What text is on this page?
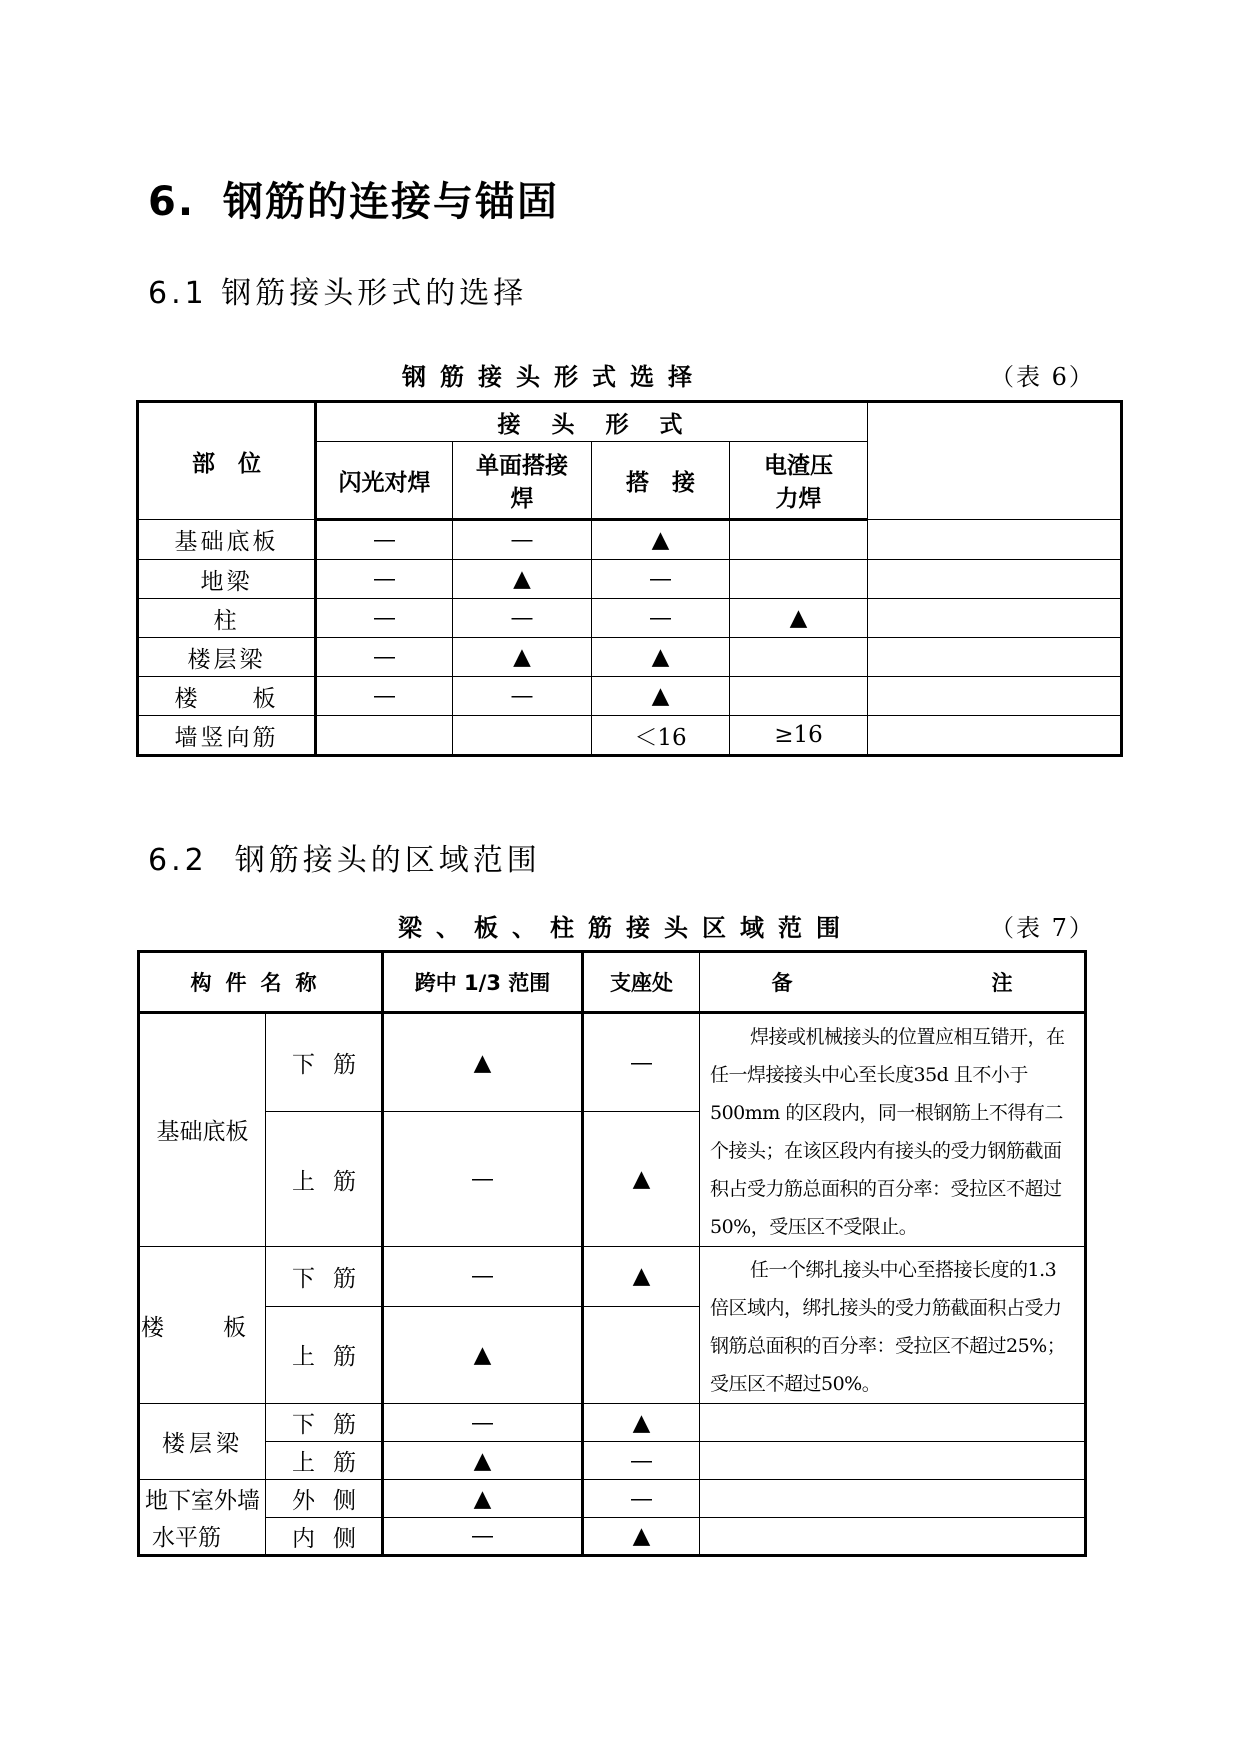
6. 钢筋的连接与锚固
6.1 钢筋接头形式的选择
钢筋接头形式选择	（表 6）
部　位	接　头　形　式				
	闪光对焊	单面搭接焊	搭　接	电渣压力焊	
基础底板	—	—	▲		
地梁	—	▲	—		
柱	—	—	—	▲	
楼层梁	—	▲	▲		
楼　　板	—	—	▲		
墙竖向筋			＜16	≥16	
6.2 钢筋接头的区域范围
梁、板、柱筋接头区域范围	（表 7）
构件名称		跨中 1/3 范围	支座处	备 注
基础底板	下筋	▲	—	焊接或机械接头的位置应相互错开，在任一焊接接头中心至长度35d 且不小于 500mm 的区段内，同一根钢筋上不得有二个接头；在该区段内有接头的受力钢筋截面积占受力筋总面积的百分率：受拉区不超过50%，受压区不受限止。
	上筋	—	▲	
楼　板	下筋	—	▲	任一个绑扎接头中心至搭接长度的1.3 倍区域内，绑扎接头的受力筋截面积占受力钢筋总面积的百分率：受拉区不超过25%；受压区不超过50%。
	上筋	▲		
楼层梁	下筋	—	▲	
	上筋	▲	—	
地下室外墙	外侧	▲	—	
水平筋	内侧	—	▲	
